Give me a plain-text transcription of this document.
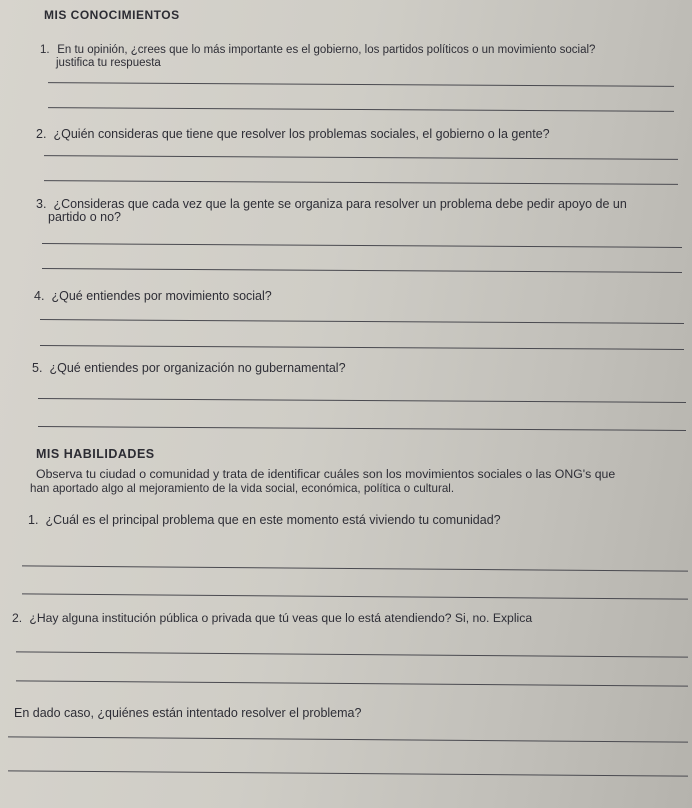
MIS CONOCIMIENTOS
1. En tu opinión, ¿crees que lo más importante es el gobierno, los partidos políticos o un movimiento social?
justifica tu respuesta
2. ¿Quién consideras que tiene que resolver los problemas sociales, el gobierno o la gente?
3. ¿Consideras que cada vez que la gente se organiza para resolver un problema debe pedir apoyo de un
partido o no?
4. ¿Qué entiendes por movimiento social?
5. ¿Qué entiendes por organización no gubernamental?
MIS HABILIDADES
Observa tu ciudad o comunidad y trata de identificar cuáles son los movimientos sociales o las ONG's que
han aportado algo al mejoramiento de la vida social, económica, política o cultural.
1. ¿Cuál es el principal problema que en este momento está viviendo tu comunidad?
2. ¿Hay alguna institución pública o privada que tú veas que lo está atendiendo? Si, no. Explica
En dado caso, ¿quiénes están intentado resolver el problema?
